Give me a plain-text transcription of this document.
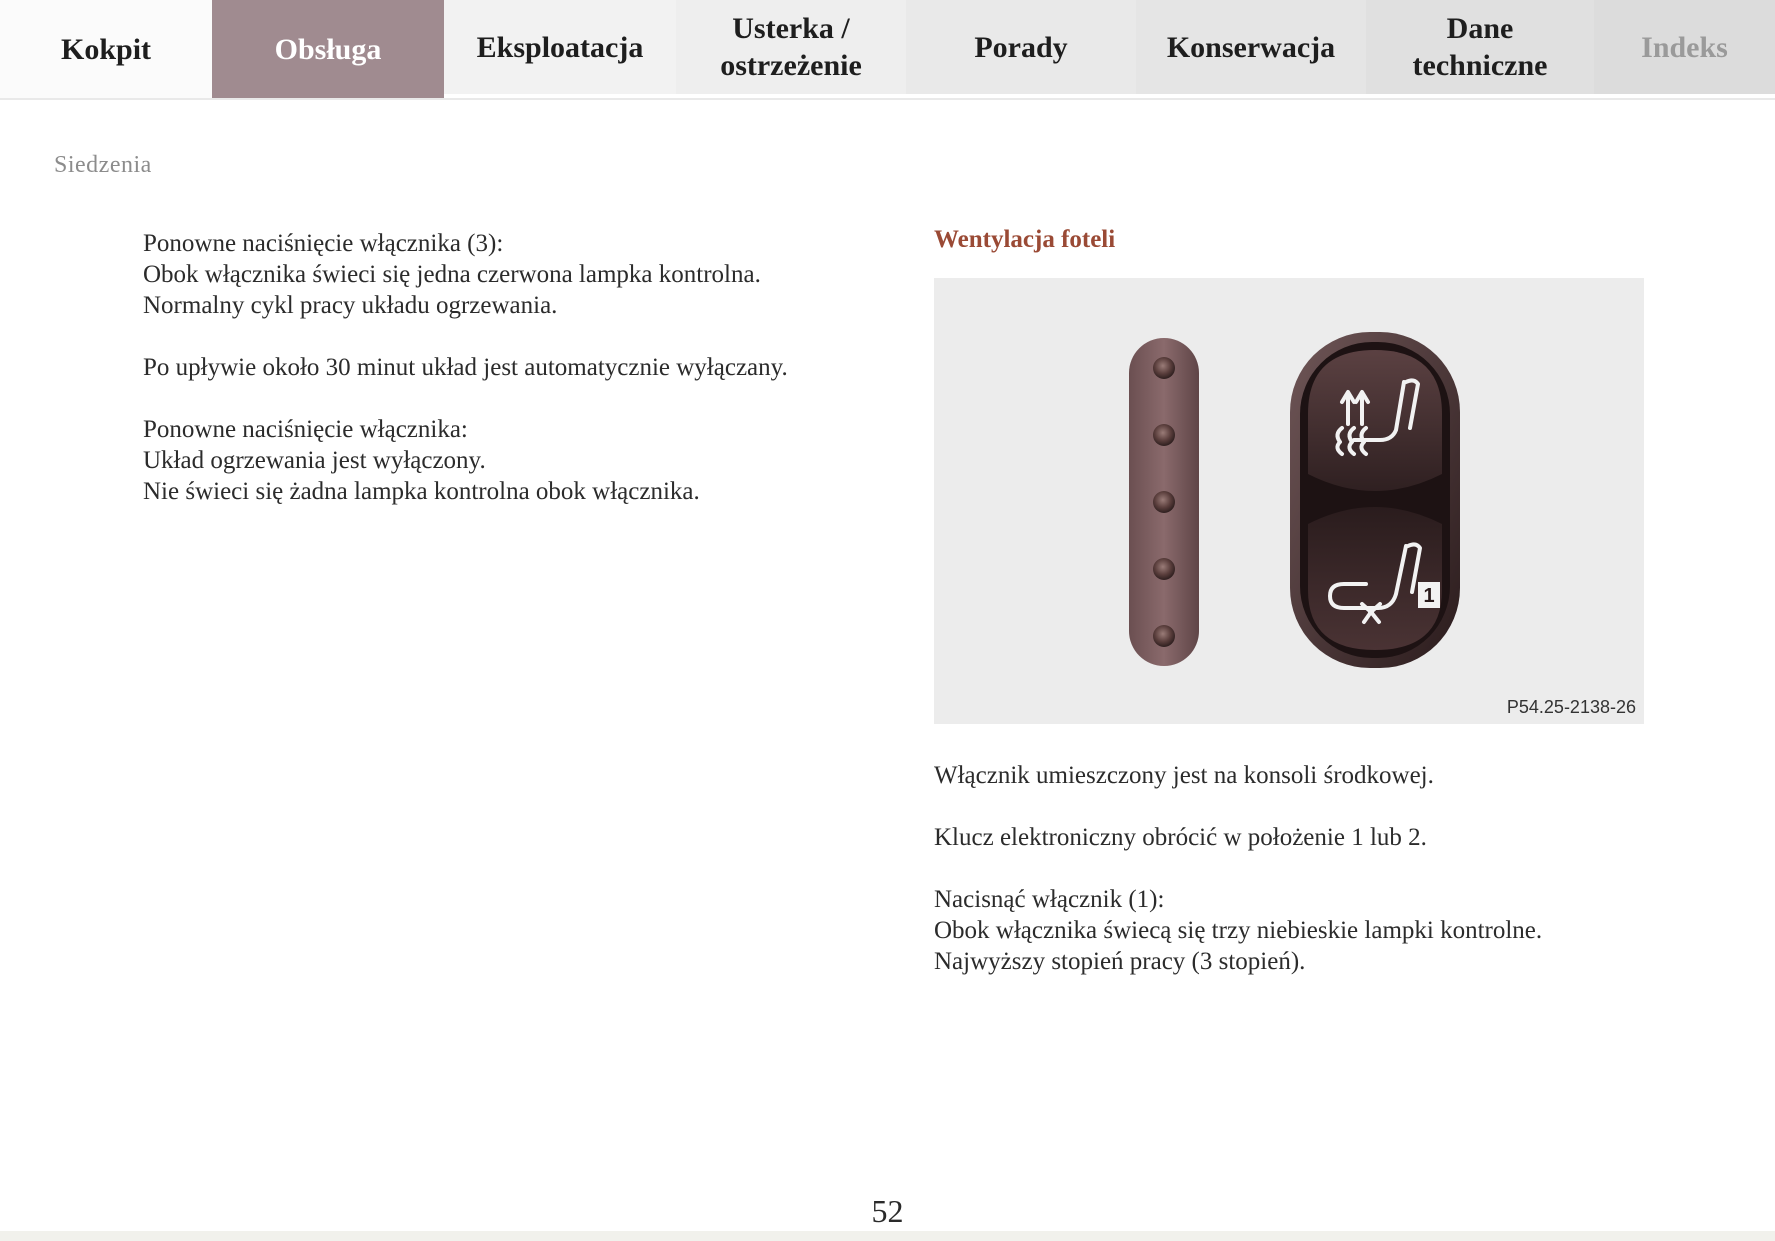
Kokpit	Obsługa	Eksploatacja
Usterka /
ostrzeżenie
Porady	Konserwacja
Dane
techniczne
Indeks
Siedzenia

Ponowne naciśnięcie włącznika (3):
Obok włącznika świeci się jedna czerwona lampka kontrolna.
Normalny cykl pracy układu ogrzewania.

Po upływie około 30 minut układ jest automatycznie wyłączany.

Ponowne naciśnięcie włącznika:
Układ ogrzewania jest wyłączony.
Nie świeci się żadna lampka kontrolna obok włącznika.

Wentylacja foteli
1
P54.25-2138-26

Włącznik umieszczony jest na konsoli środkowej.

Klucz elektroniczny obrócić w położenie 1 lub 2.

Nacisnąć włącznik (1):
Obok włącznika świecą się trzy niebieskie lampki kontrolne.
Najwyższy stopień pracy (3 stopień).

52
